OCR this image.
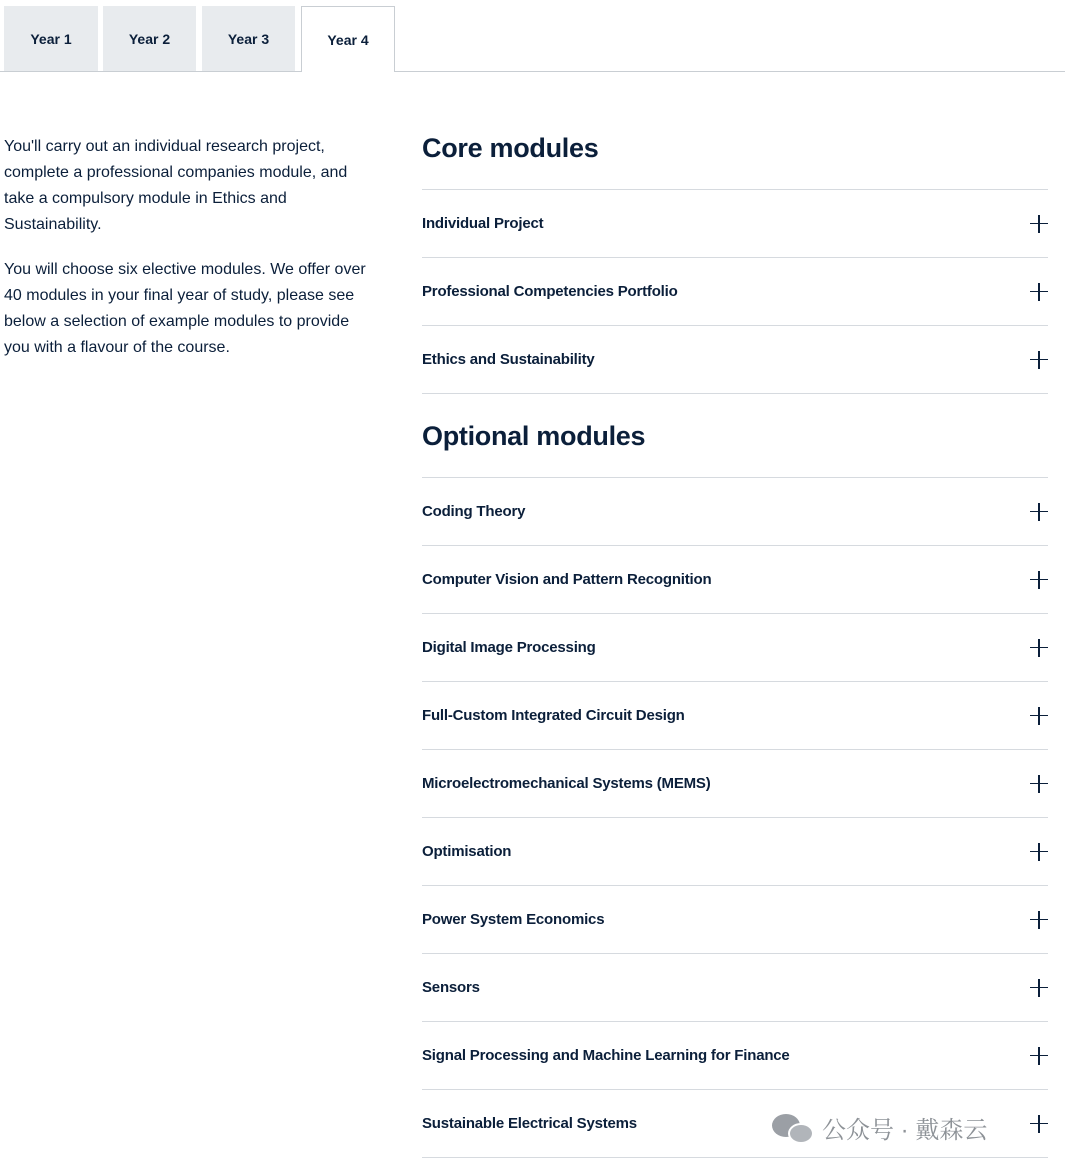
Year 1	Year 2	Year 3	Year 4

You'll carry out an individual research project, complete a professional companies module, and take a compulsory module in Ethics and Sustainability.

You will choose six elective modules. We offer over 40 modules in your final year of study, please see below a selection of example modules to provide you with a flavour of the course.

Core modules
Individual Project
Professional Competencies Portfolio
Ethics and Sustainability
Optional modules
Coding Theory
Computer Vision and Pattern Recognition
Digital Image Processing
Full-Custom Integrated Circuit Design
Microelectromechanical Systems (MEMS)
Optimisation
Power System Economics
Sensors
Signal Processing and Machine Learning for Finance
Sustainable Electrical Systems	公众号 · 戴森云
